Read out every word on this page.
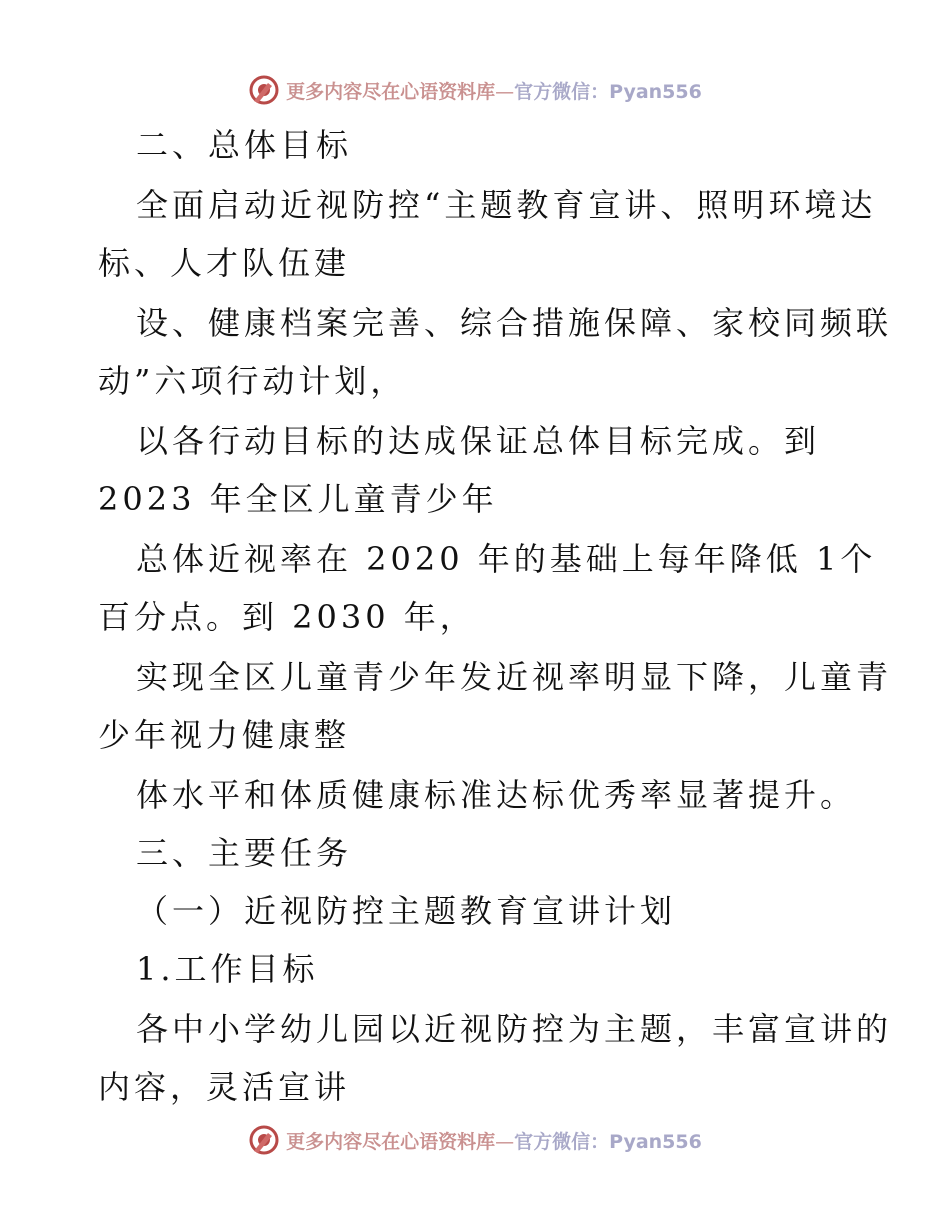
更多内容尽在心语资料库—官方微信：Pyan556
二、总体目标
全面启动近视防控“主题教育宣讲、照明环境达
标、人才队伍建
设、健康档案完善、综合措施保障、家校同频联
动”六项行动计划，
以各行动目标的达成保证总体目标完成。到
2023 年全区儿童青少年
总体近视率在 2020 年的基础上每年降低 1个
百分点。到 2030 年，
实现全区儿童青少年发近视率明显下降，儿童青
少年视力健康整
体水平和体质健康标准达标优秀率显著提升。
三、主要任务
（一）近视防控主题教育宣讲计划
1.工作目标
各中小学幼儿园以近视防控为主题，丰富宣讲的
内容，灵活宣讲
更多内容尽在心语资料库—官方微信：Pyan556
